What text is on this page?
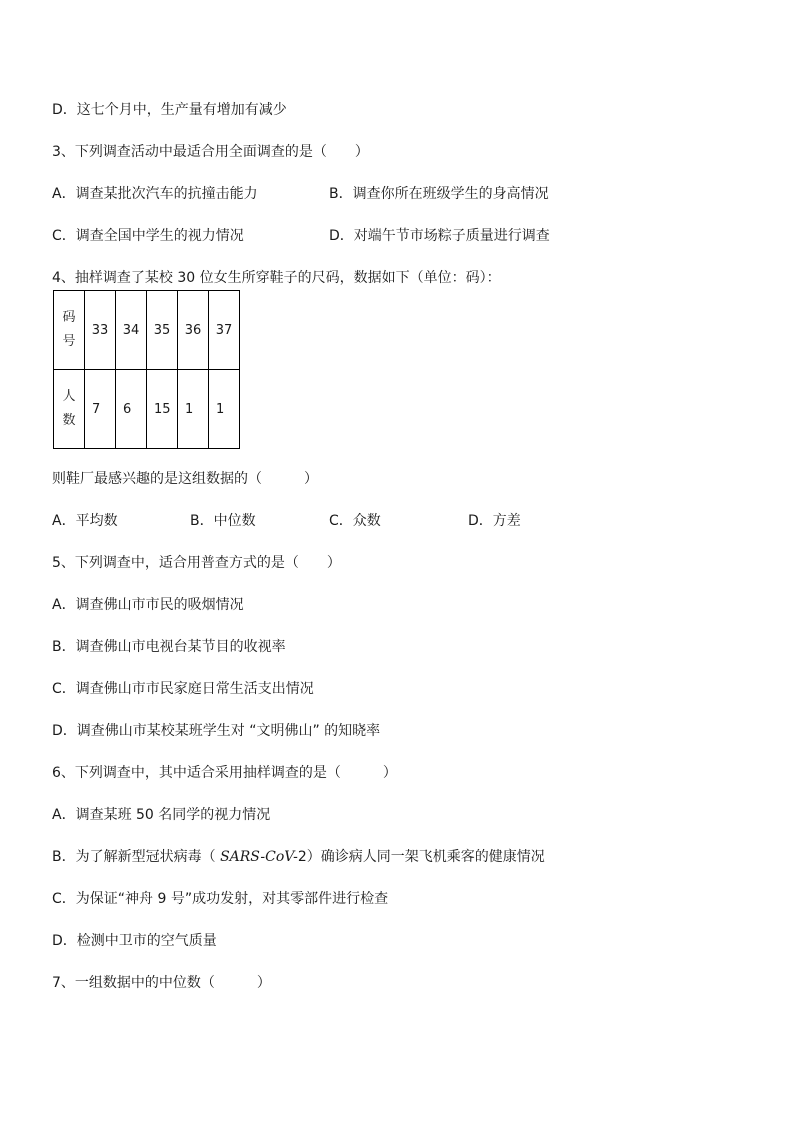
D．这七个月中，生产量有增加有减少
3、下列调查活动中最适合用全面调查的是（　　）
A．调查某批次汽车的抗撞击能力	B．调查你所在班级学生的身高情况
C．调查全国中学生的视力情况	D．对端午节市场粽子质量进行调查
4、抽样调查了某校 30 位女生所穿鞋子的尺码，数据如下（单位：码）：
码
号	33	34	35	36	37

人
数	7	6	15	1	1
则鞋厂最感兴趣的是这组数据的（　　　）
A．平均数	B．中位数	C．众数	D．方差
5、下列调查中，适合用普查方式的是（　　）
A．调查佛山市市民的吸烟情况
B．调查佛山市电视台某节目的收视率
C．调查佛山市市民家庭日常生活支出情况
D．调查佛山市某校某班学生对 “文明佛山” 的知晓率
6、下列调查中，其中适合采用抽样调查的是（　　　）
A．调查某班 50 名同学的视力情况
B．为了解新型冠状病毒（ SARS-CoV-2）确诊病人同一架飞机乘客的健康情况
C．为保证“神舟 9 号”成功发射，对其零部件进行检查
D．检测中卫市的空气质量
7、一组数据中的中位数（　　　）
